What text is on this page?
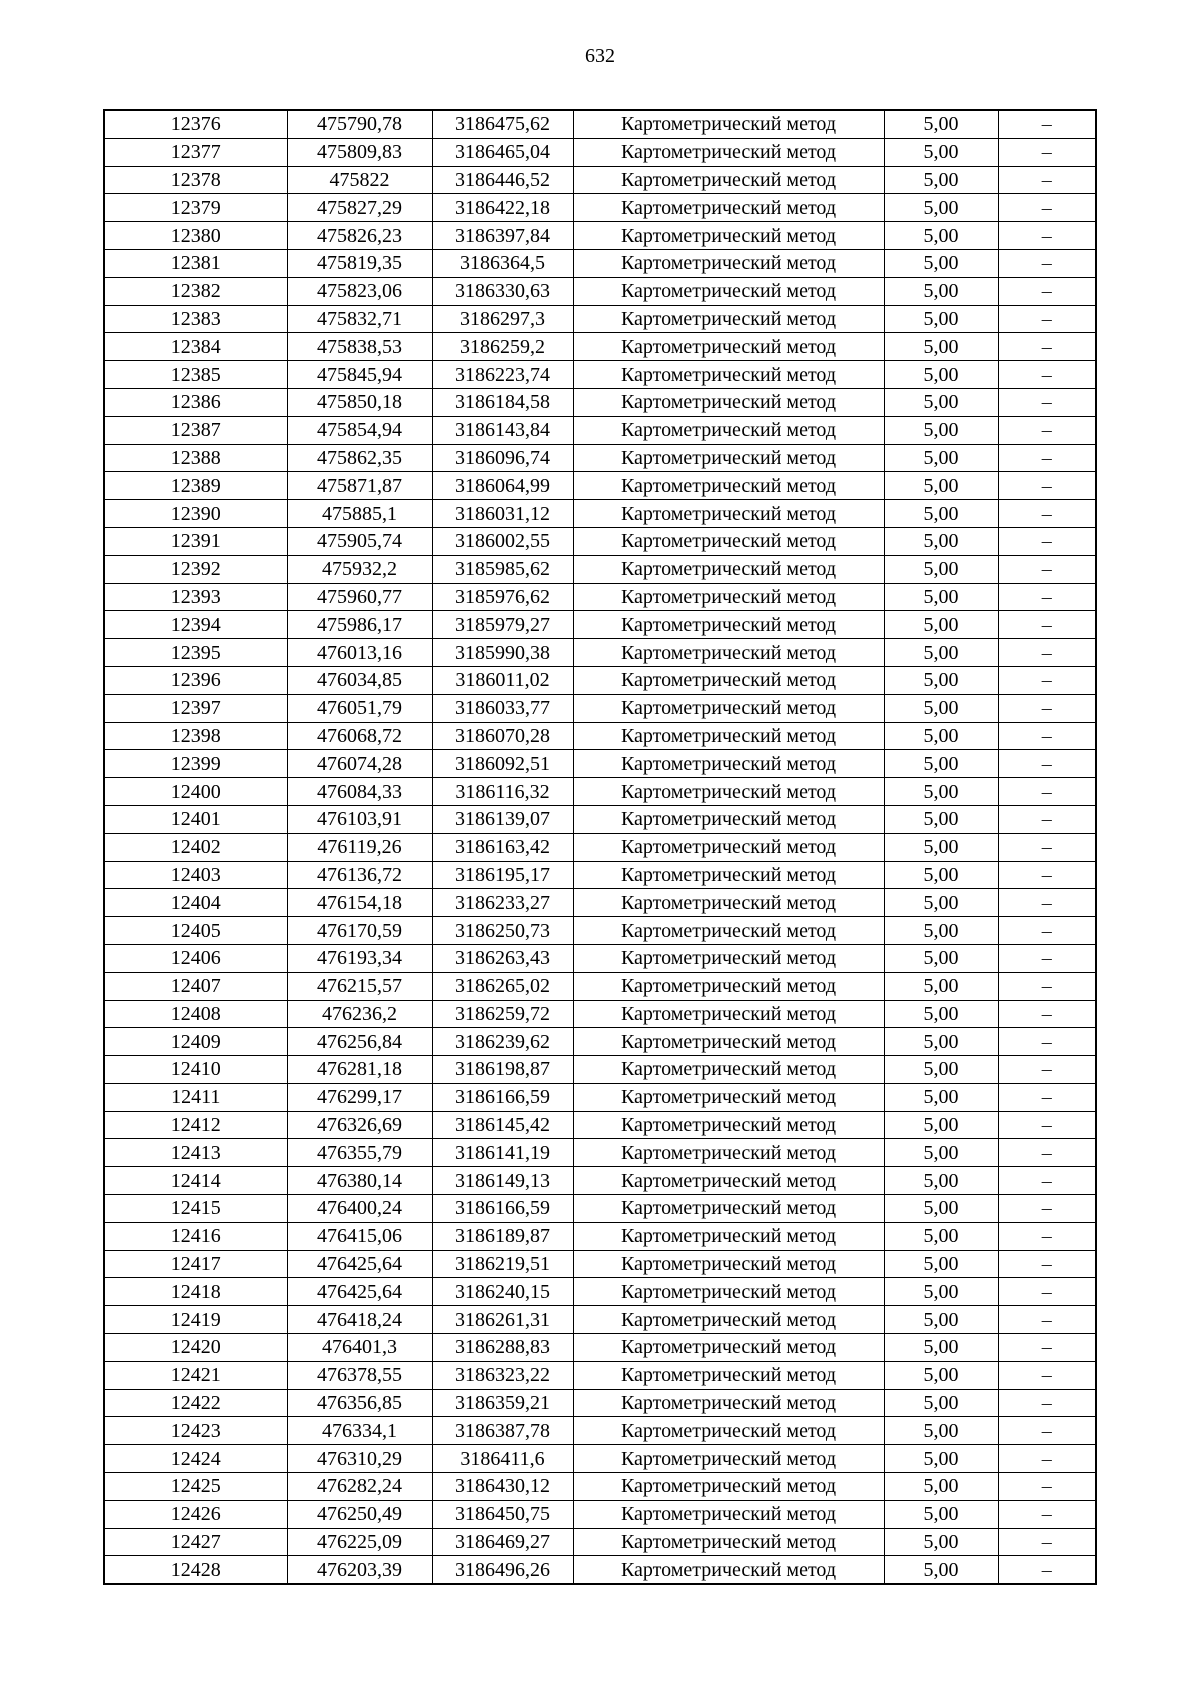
632
12376	475790,78	3186475,62	Картометрический метод	5,00	–
12377	475809,83	3186465,04	Картометрический метод	5,00	–
12378	475822	3186446,52	Картометрический метод	5,00	–
12379	475827,29	3186422,18	Картометрический метод	5,00	–
12380	475826,23	3186397,84	Картометрический метод	5,00	–
12381	475819,35	3186364,5	Картометрический метод	5,00	–
12382	475823,06	3186330,63	Картометрический метод	5,00	–
12383	475832,71	3186297,3	Картометрический метод	5,00	–
12384	475838,53	3186259,2	Картометрический метод	5,00	–
12385	475845,94	3186223,74	Картометрический метод	5,00	–
12386	475850,18	3186184,58	Картометрический метод	5,00	–
12387	475854,94	3186143,84	Картометрический метод	5,00	–
12388	475862,35	3186096,74	Картометрический метод	5,00	–
12389	475871,87	3186064,99	Картометрический метод	5,00	–
12390	475885,1	3186031,12	Картометрический метод	5,00	–
12391	475905,74	3186002,55	Картометрический метод	5,00	–
12392	475932,2	3185985,62	Картометрический метод	5,00	–
12393	475960,77	3185976,62	Картометрический метод	5,00	–
12394	475986,17	3185979,27	Картометрический метод	5,00	–
12395	476013,16	3185990,38	Картометрический метод	5,00	–
12396	476034,85	3186011,02	Картометрический метод	5,00	–
12397	476051,79	3186033,77	Картометрический метод	5,00	–
12398	476068,72	3186070,28	Картометрический метод	5,00	–
12399	476074,28	3186092,51	Картометрический метод	5,00	–
12400	476084,33	3186116,32	Картометрический метод	5,00	–
12401	476103,91	3186139,07	Картометрический метод	5,00	–
12402	476119,26	3186163,42	Картометрический метод	5,00	–
12403	476136,72	3186195,17	Картометрический метод	5,00	–
12404	476154,18	3186233,27	Картометрический метод	5,00	–
12405	476170,59	3186250,73	Картометрический метод	5,00	–
12406	476193,34	3186263,43	Картометрический метод	5,00	–
12407	476215,57	3186265,02	Картометрический метод	5,00	–
12408	476236,2	3186259,72	Картометрический метод	5,00	–
12409	476256,84	3186239,62	Картометрический метод	5,00	–
12410	476281,18	3186198,87	Картометрический метод	5,00	–
12411	476299,17	3186166,59	Картометрический метод	5,00	–
12412	476326,69	3186145,42	Картометрический метод	5,00	–
12413	476355,79	3186141,19	Картометрический метод	5,00	–
12414	476380,14	3186149,13	Картометрический метод	5,00	–
12415	476400,24	3186166,59	Картометрический метод	5,00	–
12416	476415,06	3186189,87	Картометрический метод	5,00	–
12417	476425,64	3186219,51	Картометрический метод	5,00	–
12418	476425,64	3186240,15	Картометрический метод	5,00	–
12419	476418,24	3186261,31	Картометрический метод	5,00	–
12420	476401,3	3186288,83	Картометрический метод	5,00	–
12421	476378,55	3186323,22	Картометрический метод	5,00	–
12422	476356,85	3186359,21	Картометрический метод	5,00	–
12423	476334,1	3186387,78	Картометрический метод	5,00	–
12424	476310,29	3186411,6	Картометрический метод	5,00	–
12425	476282,24	3186430,12	Картометрический метод	5,00	–
12426	476250,49	3186450,75	Картометрический метод	5,00	–
12427	476225,09	3186469,27	Картометрический метод	5,00	–
12428	476203,39	3186496,26	Картометрический метод	5,00	–
